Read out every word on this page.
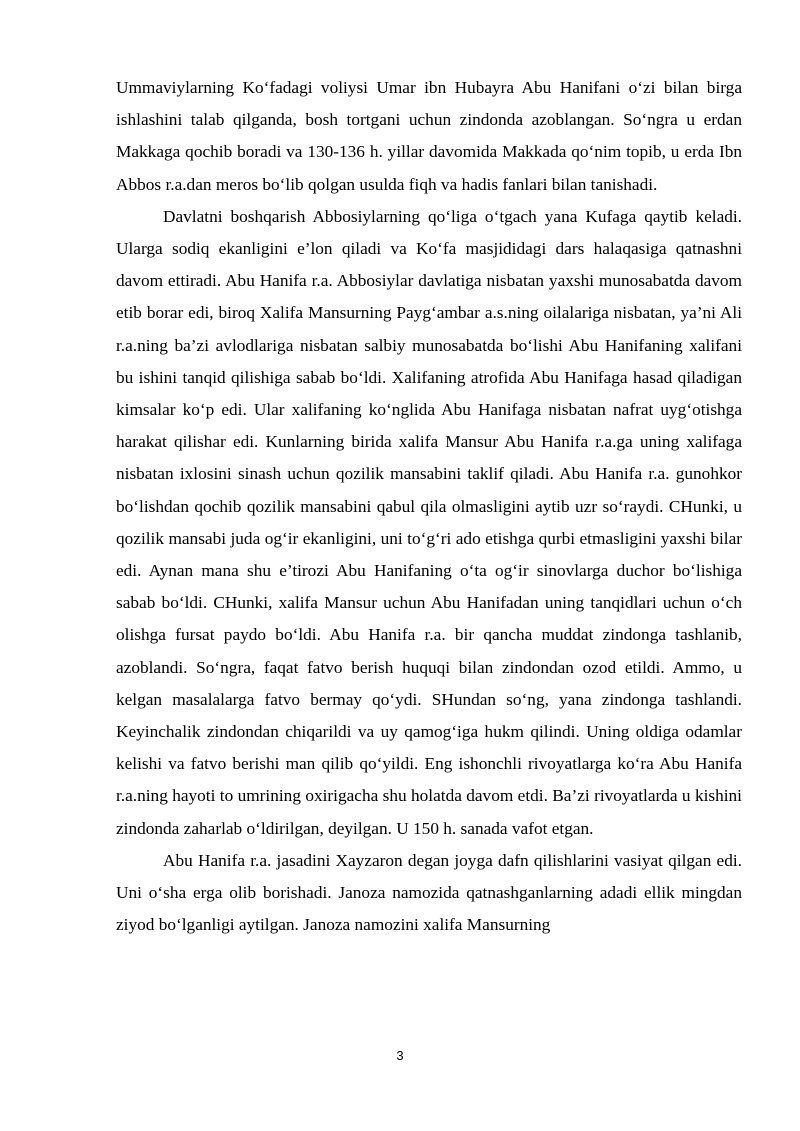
Ummaviylarning Ko‘fadagi voliysi Umar ibn Hubayra Abu Hanifani o‘zi bilan birga ishlashini talab qilganda, bosh tortgani uchun zindonda azoblangan. So‘ngra u erdan Makkaga qochib boradi va 130-136 h. yillar davomida Makkada qo‘nim topib, u erda Ibn Abbos r.a.dan meros bo‘lib qolgan usulda fiqh va hadis fanlari bilan tanishadi.

Davlatni boshqarish Abbosiylarning qo‘liga o‘tgach yana Kufaga qaytib keladi. Ularga sodiq ekanligini e’lon qiladi va Ko‘fa masjididagi dars halaqasiga qatnashni davom ettiradi. Abu Hanifa r.a. Abbosiylar davlatiga nisbatan yaxshi munosabatda davom etib borar edi, biroq Xalifa Mansurning Payg‘ambar a.s.ning oilalariga nisbatan, ya’ni Ali r.a.ning ba’zi avlodlariga nisbatan salbiy munosabatda bo‘lishi Abu Hanifaning xalifani bu ishini tanqid qilishiga sabab bo‘ldi. Xalifaning atrofida Abu Hanifaga hasad qiladigan kimsalar ko‘p edi. Ular xalifaning ko‘nglida Abu Hanifaga nisbatan nafrat uyg‘otishga harakat qilishar edi. Kunlarning birida xalifa Mansur Abu Hanifa r.a.ga uning xalifaga nisbatan ixlosini sinash uchun qozilik mansabini taklif qiladi. Abu Hanifa r.a. gunohkor bo‘lishdan qochib qozilik mansabini qabul qila olmasligini aytib uzr so‘raydi. CHunki, u qozilik mansabi juda og‘ir ekanligini, uni to‘g‘ri ado etishga qurbi etmasligini yaxshi bilar edi. Aynan mana shu e’tirozi Abu Hanifaning o‘ta og‘ir sinovlarga duchor bo‘lishiga sabab bo‘ldi. CHunki, xalifa Mansur uchun Abu Hanifadan uning tanqidlari uchun o‘ch olishga fursat paydo bo‘ldi. Abu Hanifa r.a. bir qancha muddat zindonga tashlanib, azoblandi. So‘ngra, faqat fatvo berish huquqi bilan zindondan ozod etildi. Ammo, u kelgan masalalarga fatvo bermay qo‘ydi. SHundan so‘ng, yana zindonga tashlandi. Keyinchalik zindondan chiqarildi va uy qamog‘iga hukm qilindi. Uning oldiga odamlar kelishi va fatvo berishi man qilib qo‘yildi. Eng ishonchli rivoyatlarga ko‘ra Abu Hanifa r.a.ning hayoti to umrining oxirigacha shu holatda davom etdi. Ba’zi rivoyatlarda u kishini zindonda zaharlab o‘ldirilgan, deyilgan. U 150 h. sanada vafot etgan.

Abu Hanifa r.a. jasadini Xayzaron degan joyga dafn qilishlarini vasiyat qilgan edi. Uni o‘sha erga olib borishadi. Janoza namozida qatnashganlarning adadi ellik mingdan ziyod bo‘lganligi aytilgan. Janoza namozini xalifa Mansurning

3
